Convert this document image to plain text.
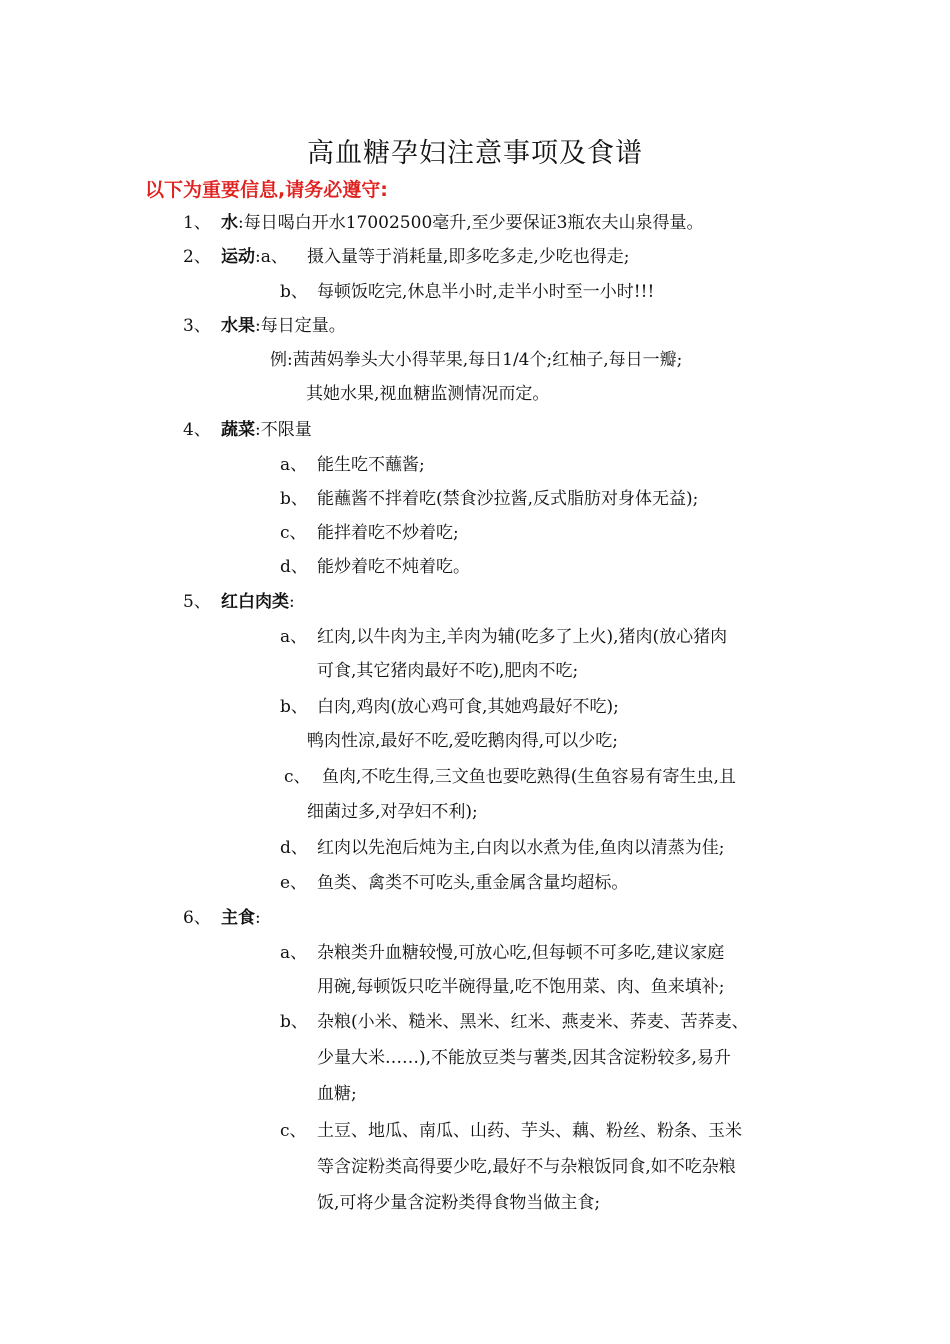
高血糖孕妇注意事项及食谱
以下为重要信息,请务必遵守:
1、 水:每日喝白开水17002500毫升,至少要保证3瓶农夫山泉得量。
2、 运动:a、 摄入量等于消耗量,即多吃多走,少吃也得走;
b、 每顿饭吃完,休息半小时,走半小时至一小时!!!
3、 水果:每日定量。
例:茜茜妈拳头大小得苹果,每日1/4个;红柚子,每日一瓣;
其她水果,视血糖监测情况而定。
4、 蔬菜:不限量
a、 能生吃不蘸酱;
b、 能蘸酱不拌着吃(禁食沙拉酱,反式脂肪对身体无益);
c、 能拌着吃不炒着吃;
d、 能炒着吃不炖着吃。
5、 红白肉类:
a、 红肉,以牛肉为主,羊肉为辅(吃多了上火),猪肉(放心猪肉
可食,其它猪肉最好不吃),肥肉不吃;
b、 白肉,鸡肉(放心鸡可食,其她鸡最好不吃);
鸭肉性凉,最好不吃,爱吃鹅肉得,可以少吃;
c、 鱼肉,不吃生得,三文鱼也要吃熟得(生鱼容易有寄生虫,且
细菌过多,对孕妇不利);
d、 红肉以先泡后炖为主,白肉以水煮为佳,鱼肉以清蒸为佳;
e、 鱼类、禽类不可吃头,重金属含量均超标。
6、 主食:
a、 杂粮类升血糖较慢,可放心吃,但每顿不可多吃,建议家庭
用碗,每顿饭只吃半碗得量,吃不饱用菜、肉、鱼来填补;
b、 杂粮(小米、糙米、黑米、红米、燕麦米、荞麦、苦荞麦、
少量大米……),不能放豆类与薯类,因其含淀粉较多,易升
血糖;
c、 土豆、地瓜、南瓜、山药、芋头、藕、粉丝、粉条、玉米
等含淀粉类高得要少吃,最好不与杂粮饭同食,如不吃杂粮
饭,可将少量含淀粉类得食物当做主食;
